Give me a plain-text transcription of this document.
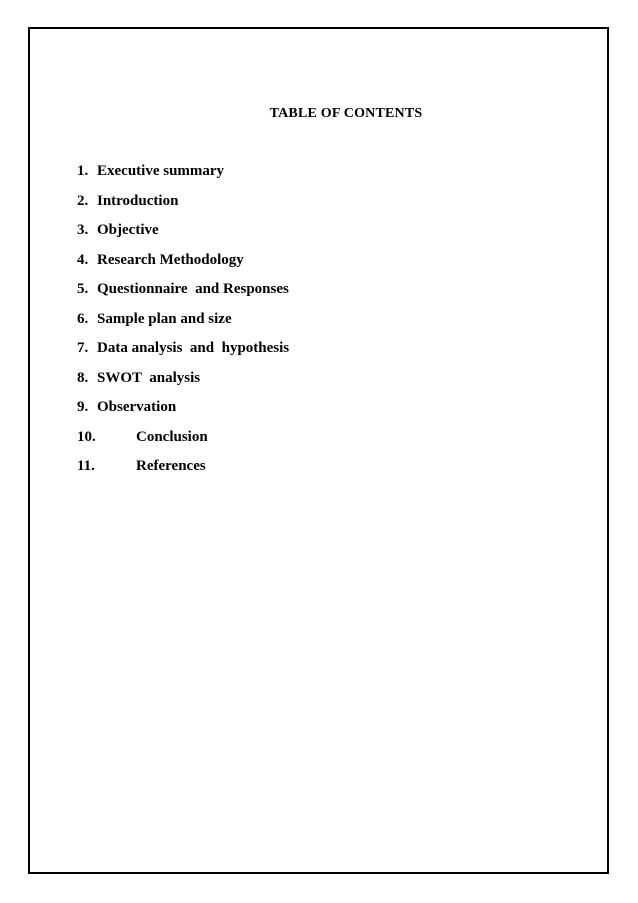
TABLE OF CONTENTS
1. Executive summary
2. Introduction
3. Objective
4. Research Methodology
5. Questionnaire  and Responses
6. Sample plan and size
7. Data analysis  and  hypothesis
8. SWOT  analysis
9. Observation
10.	Conclusion
11.	References
